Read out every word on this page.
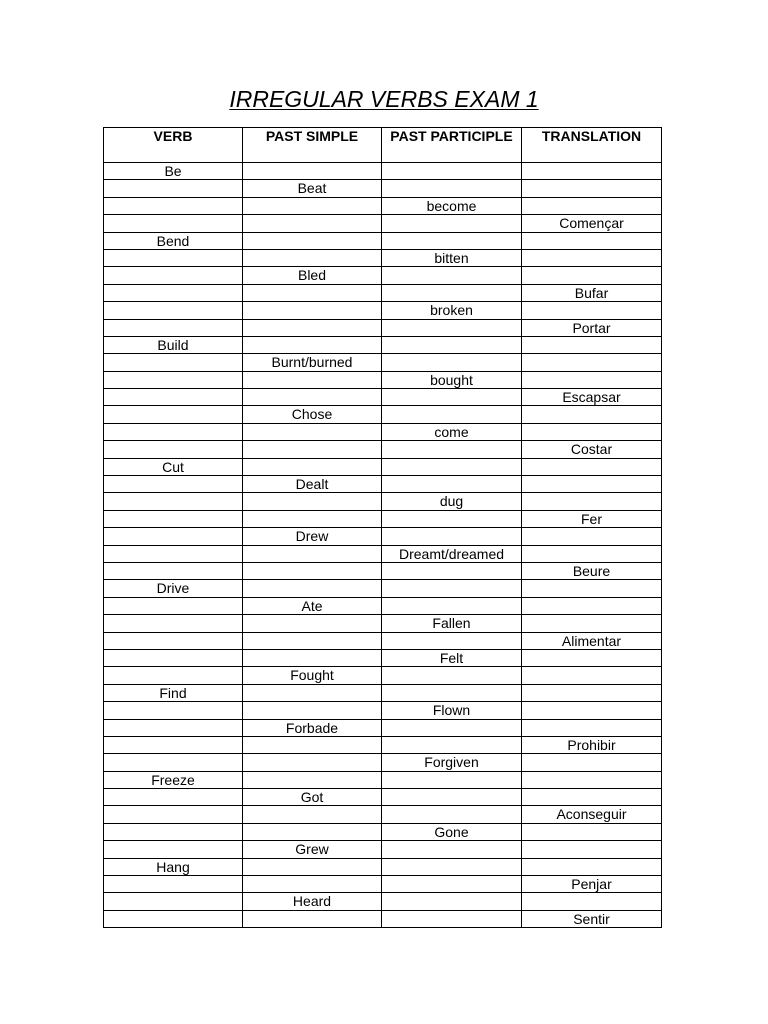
IRREGULAR VERBS EXAM 1
VERB	PAST SIMPLE	PAST PARTICIPLE	TRANSLATION
Be			
	Beat		
		become	
			Començar
Bend			
		bitten	
	Bled		
			Bufar
		broken	
			Portar
Build			
	Burnt/burned		
		bought	
			Escapsar
	Chose		
		come	
			Costar
Cut			
	Dealt		
		dug	
			Fer
	Drew		
		Dreamt/dreamed	
			Beure
Drive			
	Ate		
		Fallen	
			Alimentar
		Felt	
	Fought		
Find			
		Flown	
	Forbade		
			Prohibir
		Forgiven	
Freeze			
	Got		
			Aconseguir
		Gone	
	Grew		
Hang			
			Penjar
	Heard		
			Sentir
